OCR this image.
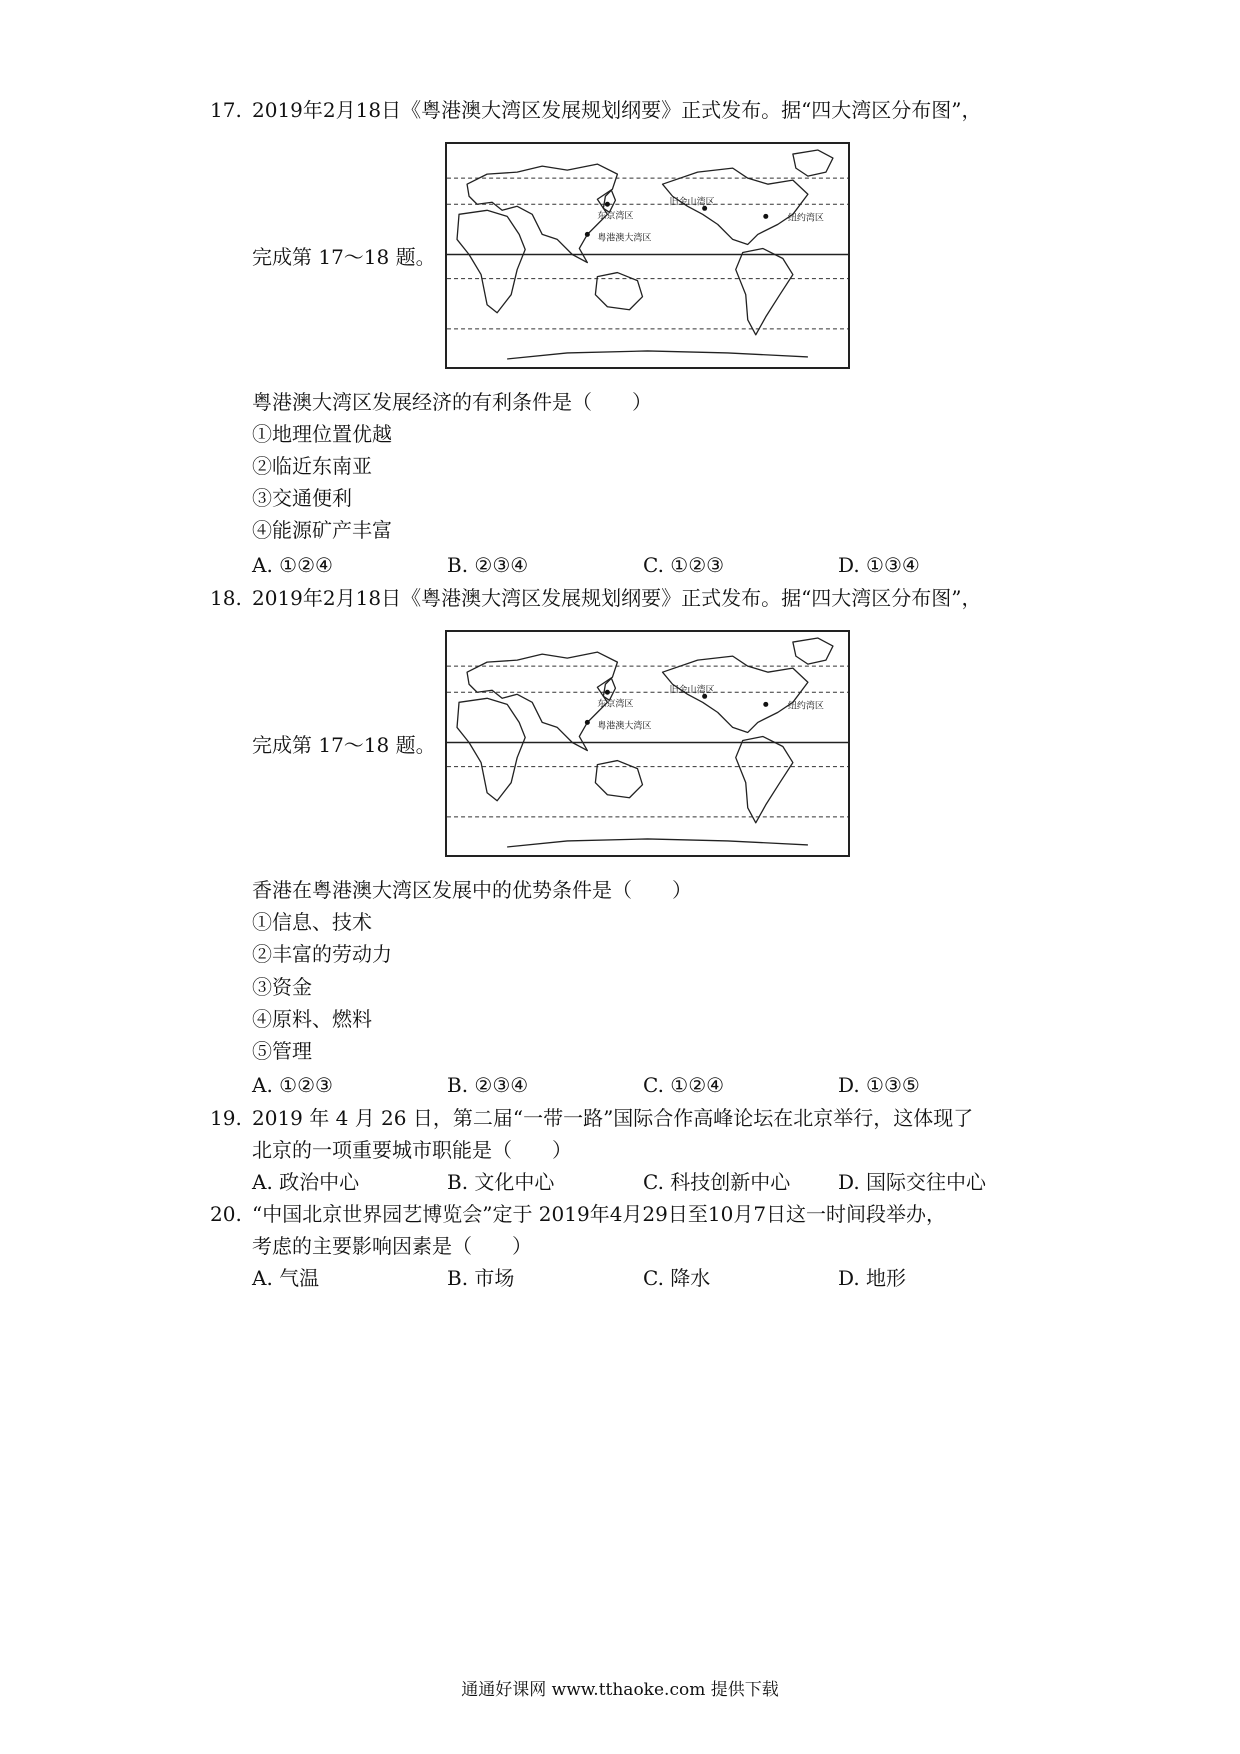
17. 2019年2月18日《粤港澳大湾区发展规划纲要》正式发布。据“四大湾区分布图”，
旧金山湾区
东京湾区	纽约湾区
粤港澳大湾区
完成第 17～18 题。
粤港澳大湾区发展经济的有利条件是（　　）
①地理位置优越
②临近东南亚
③交通便利
④能源矿产丰富
A. ①②④	B. ②③④	C. ①②③	D. ①③④
18. 2019年2月18日《粤港澳大湾区发展规划纲要》正式发布。据“四大湾区分布图”，
旧金山湾区
东京湾区	纽约湾区
粤港澳大湾区
完成第 17～18 题。
香港在粤港澳大湾区发展中的优势条件是（　　）
①信息、技术
②丰富的劳动力
③资金
④原料、燃料
⑤管理
A. ①②③	B. ②③④	C. ①②④	D. ①③⑤
19. 2019 年 4 月 26 日，第二届“一带一路”国际合作高峰论坛在北京举行，这体现了
北京的一项重要城市职能是（　　）
A. 政治中心	B. 文化中心	C. 科技创新中心 D. 国际交往中心
20. “中国北京世界园艺博览会”定于 2019年4月29日至10月7日这一时间段举办，
考虑的主要影响因素是（　　）
A. 气温	B. 市场	C. 降水	D. 地形
通通好课网 www.tthaoke.com 提供下载
